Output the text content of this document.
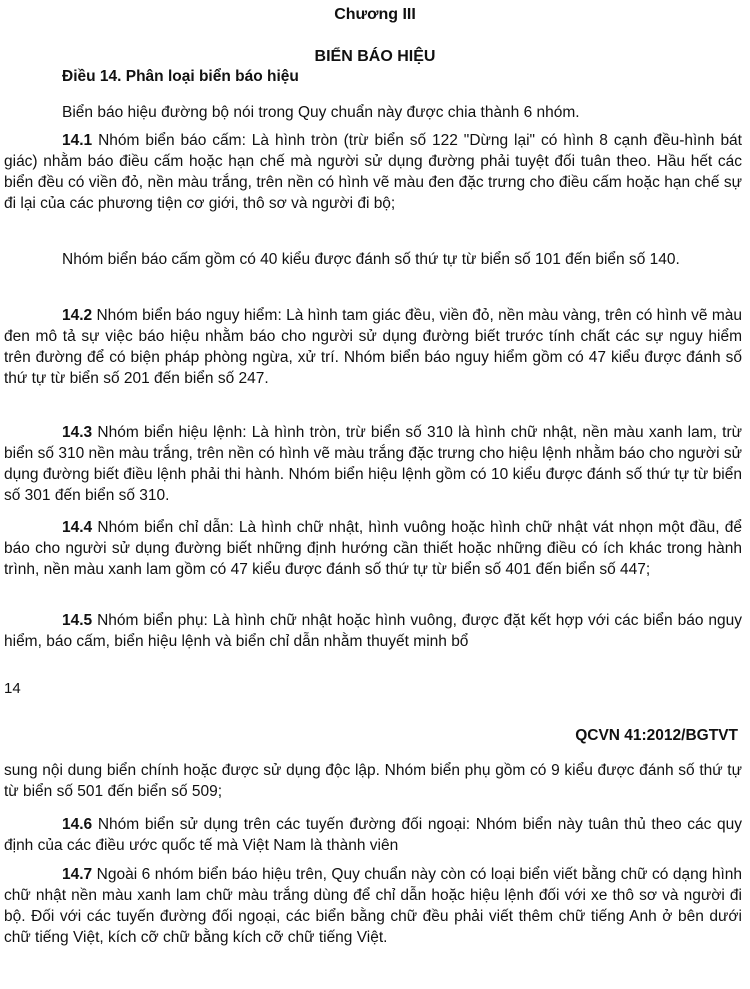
Chương III
BIỂN BÁO HIỆU
Điều 14. Phân loại biển báo hiệu
Biển báo hiệu đường bộ nói trong Quy chuẩn này được chia thành 6 nhóm.
14.1 Nhóm biển báo cấm: Là hình tròn (trừ biển số 122 "Dừng lại" có hình 8 cạnh đều-hình bát giác) nhằm báo điều cấm hoặc hạn chế mà người sử dụng đường phải tuyệt đối tuân theo. Hầu hết các biển đều có viền đỏ, nền màu trắng, trên nền có hình vẽ màu đen đặc trưng cho điều cấm hoặc hạn chế sự đi lại của các phương tiện cơ giới, thô sơ và người đi bộ;
Nhóm biển báo cấm gồm có 40 kiểu được đánh số thứ tự từ biển số 101 đến biển số 140.
14.2 Nhóm biển báo nguy hiểm: Là hình tam giác đều, viền đỏ, nền màu vàng, trên có hình vẽ màu đen mô tả sự việc báo hiệu nhằm báo cho người sử dụng đường biết trước tính chất các sự nguy hiểm trên đường để có biện pháp phòng ngừa, xử trí. Nhóm biển báo nguy hiểm gồm có 47 kiểu được đánh số thứ tự từ biển số 201 đến biển số 247.
14.3 Nhóm biển hiệu lệnh: Là hình tròn, trừ biển số 310 là hình chữ nhật, nền màu xanh lam, trừ biển số 310 nền màu trắng, trên nền có hình vẽ màu trắng đặc trưng cho hiệu lệnh nhằm báo cho người sử dụng đường biết điều lệnh phải thi hành. Nhóm biển hiệu lệnh gồm có 10 kiểu được đánh số thứ tự từ biển số 301 đến biển số 310.
14.4 Nhóm biển chỉ dẫn: Là hình chữ nhật, hình vuông hoặc hình chữ nhật vát nhọn một đầu, để báo cho người sử dụng đường biết những định hướng cần thiết hoặc những điều có ích khác trong hành trình, nền màu xanh lam gồm có 47 kiểu được đánh số thứ tự từ biển số 401 đến biển số 447;
14.5 Nhóm biển phụ: Là hình chữ nhật hoặc hình vuông, được đặt kết hợp với các biển báo nguy hiểm, báo cấm, biển hiệu lệnh và biển chỉ dẫn nhằm thuyết minh bổ
14
QCVN 41:2012/BGTVT
sung nội dung biển chính hoặc được sử dụng độc lập. Nhóm biển phụ gồm có 9 kiểu được đánh số thứ tự từ biển số 501 đến biển số 509;
14.6 Nhóm biển sử dụng trên các tuyến đường đối ngoại: Nhóm biển này tuân thủ theo các quy định của các điều ước quốc tế mà Việt Nam là thành viên
14.7 Ngoài 6 nhóm biển báo hiệu trên, Quy chuẩn này còn có loại biển viết bằng chữ có dạng hình chữ nhật nền màu xanh lam chữ màu trắng dùng để chỉ dẫn hoặc hiệu lệnh đối với xe thô sơ và người đi bộ. Đối với các tuyến đường đối ngoại, các biển bằng chữ đều phải viết thêm chữ tiếng Anh ở bên dưới chữ tiếng Việt, kích cỡ chữ bằng kích cỡ chữ tiếng Việt.
